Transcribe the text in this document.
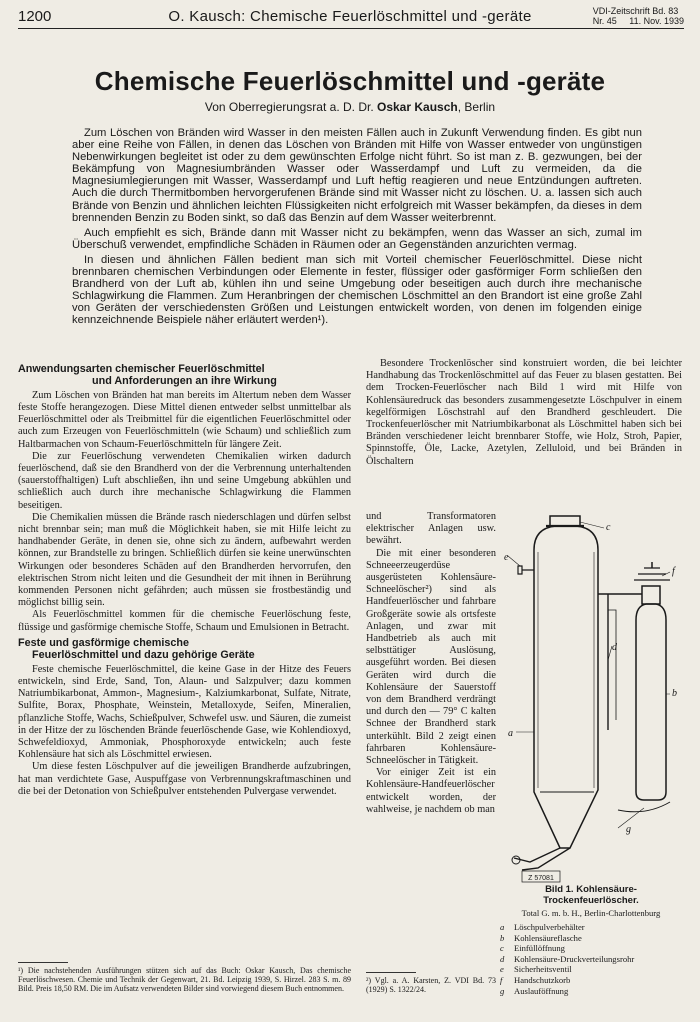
1200	O. Kausch: Chemische Feuerlöschmittel und -geräte	VDI-Zeitschrift Bd. 83
Nr. 45     11. Nov. 1939
Chemische Feuerlöschmittel und -geräte
Von Oberregierungsrat a. D. Dr. Oskar Kausch, Berlin

Zum Löschen von Bränden wird Wasser in den meisten Fällen auch in Zukunft Verwendung finden. Es gibt nun aber eine Reihe von Fällen, in denen das Löschen von Bränden mit Hilfe von Wasser entweder von ungünstigen Nebenwirkungen begleitet ist oder zu dem gewünschten Erfolge nicht führt. So ist man z. B. gezwungen, bei der Bekämpfung von Magnesiumbränden Wasser oder Wasserdampf und Luft zu vermeiden, da die Magnesiumlegierungen mit Wasser, Wasserdampf und Luft heftig reagieren und neue Entzündungen auftreten. Auch die durch Thermitbomben hervorgerufenen Brände sind mit Wasser nicht zu löschen. U. a. lassen sich auch Brände von Benzin und ähnlichen leichten Flüssigkeiten nicht erfolgreich mit Wasser bekämpfen, da dieses in dem brennenden Benzin zu Boden sinkt, so daß das Benzin auf dem Wasser weiterbrennt.

Auch empfiehlt es sich, Brände dann mit Wasser nicht zu bekämpfen, wenn das Wasser an sich, zumal im Überschuß verwendet, empfindliche Schäden in Räumen oder an Gegenständen anzurichten vermag.

In diesen und ähnlichen Fällen bedient man sich mit Vorteil chemischer Feuerlöschmittel. Diese nicht brennbaren chemischen Verbindungen oder Elemente in fester, flüssiger oder gasförmiger Form schließen den Brandherd von der Luft ab, kühlen ihn und seine Umgebung oder beseitigen auch durch ihre mechanische Schlagwirkung die Flammen. Zum Heranbringen der chemischen Löschmittel an den Brandort ist eine große Zahl von Geräten der verschiedensten Größen und Leistungen entwickelt worden, von denen im folgenden einige kennzeichnende Beispiele näher erläutert werden¹).

Anwendungsarten chemischer Feuerlöschmittel
und Anforderungen an ihre Wirkung

Zum Löschen von Bränden hat man bereits im Altertum neben dem Wasser feste Stoffe herangezogen. Diese Mittel dienen entweder selbst unmittelbar als Feuerlöschmittel oder als Treibmittel für die eigentlichen Feuerlöschmittel oder auch zum Erzeugen von Feuerlöschmitteln (wie Schaum) und schließlich zum Haltbarmachen von Schaum-Feuerlöschmitteln für längere Zeit.

Die zur Feuerlöschung verwendeten Chemikalien wirken dadurch feuerlöschend, daß sie den Brandherd von der die Verbrennung unterhaltenden (sauerstoffhaltigen) Luft abschließen, ihn und seine Umgebung abkühlen und schließlich auch durch ihre mechanische Schlagwirkung die Flammen beseitigen.

Die Chemikalien müssen die Brände rasch niederschlagen und dürfen selbst nicht brennbar sein; man muß die Möglichkeit haben, sie mit Hilfe leicht zu handhabender Geräte, in denen sie, ohne sich zu ändern, aufbewahrt werden können, zur Brandstelle zu bringen. Schließlich dürfen sie keine unerwünschten Wirkungen oder besonderes Schäden auf den Brandherden hervorrufen, den elektrischen Strom nicht leiten und die Gesundheit der mit ihnen in Berührung kommenden Personen nicht gefährden; auch müssen sie frostbeständig und möglichst billig sein.

Als Feuerlöschmittel kommen für die chemische Feuerlöschung feste, flüssige und gasförmige chemische Stoffe, Schaum und Emulsionen in Betracht.

Feste und gasförmige chemische
Feuerlöschmittel und dazu gehörige Geräte

Feste chemische Feuerlöschmittel, die keine Gase in der Hitze des Feuers entwickeln, sind Erde, Sand, Ton, Alaun- und Salzpulver; dazu kommen Natriumbikarbonat, Ammon-, Magnesium-, Kalziumkarbonat, Sulfate, Nitrate, Sulfite, Borax, Phosphate, Weinstein, Metalloxyde, Seifen, Mineralien, pflanzliche Stoffe, Wachs, Schießpulver, Schwefel usw. und Säuren, die zumeist in der Hitze der zu löschenden Brände feuerlöschende Gase, wie Kohlendioxyd, Schwefeldioxyd, Ammoniak, Phosphoroxyde entwickeln; auch feste Kohlensäure hat sich als Löschmittel erwiesen.

Um diese festen Löschpulver auf die jeweiligen Brandherde aufzubringen, hat man verdichtete Gase, Auspuffgase von Verbrennungskraftmaschinen und die bei der Detonation von Schießpulver entstehenden Pulvergase verwendet.

¹) Die nachstehenden Ausführungen stützen sich auf das Buch: Oskar Kausch, Das chemische Feuerlöschwesen. Chemie und Technik der Gegenwart, 21. Bd. Leipzig 1939, S. Hirzel. 283 S. m. 89 Bild. Preis 18,50 RM. Die im Aufsatz verwendeten Bilder sind vorwiegend diesem Buch entnommen.

Besondere Trockenlöscher sind konstruiert worden, die bei leichter Handhabung das Trockenlöschmittel auf das Feuer zu blasen gestatten. Bei dem Trocken-Feuerlöscher nach Bild 1 wird mit Hilfe von Kohlensäuredruck das besonders zusammengesetzte Löschpulver in einem kegelförmigen Löschstrahl auf den Brandherd geschleudert. Die Trockenfeuerlöscher mit Natriumbikarbonat als Löschmittel haben sich bei Bränden verschiedener leicht brennbarer Stoffe, wie Holz, Stroh, Papier, Spinnstoffe, Öle, Lacke, Azetylen, Zelluloid, und bei Bränden in Ölschaltern

und Transformatoren elektrischer Anlagen usw. bewährt.

Die mit einer besonderen Schneeerzeugerdüse ausgerüsteten Kohlensäure-Schneelöscher²) sind als Handfeuerlöscher und fahrbare Großgeräte sowie als ortsfeste Anlagen, und zwar mit Handbetrieb als auch mit selbsttätiger Auslösung, ausgeführt worden. Bei diesen Geräten wird durch die Kohlensäure der Sauerstoff von dem Brandherd verdrängt und durch den — 79° C kalten Schnee der Brandherd stark unterkühlt. Bild 2 zeigt einen fahrbaren Kohlensäure-Schneelöscher in Tätigkeit.

Vor einiger Zeit ist ein Kohlensäure-Handfeuerlöscher entwickelt worden, der wahlweise, je nachdem ob man

²) Vgl. a. A. Karsten, Z. VDI Bd. 73 (1929) S. 1322/24.
c
e
f
d
b
a
g
Z 57081
Bild 1. Kohlensäure-
Trockenfeuerlöscher.
Total G. m. b. H., Berlin-Charlottenburg
a Löschpulverbehälter
b Kohlensäureflasche
c Einfüllöffnung
d Kohlensäure-Druckverteilungsrohr
e Sicherheitsventil
f Handschutzkorb
g Auslauföffnung
